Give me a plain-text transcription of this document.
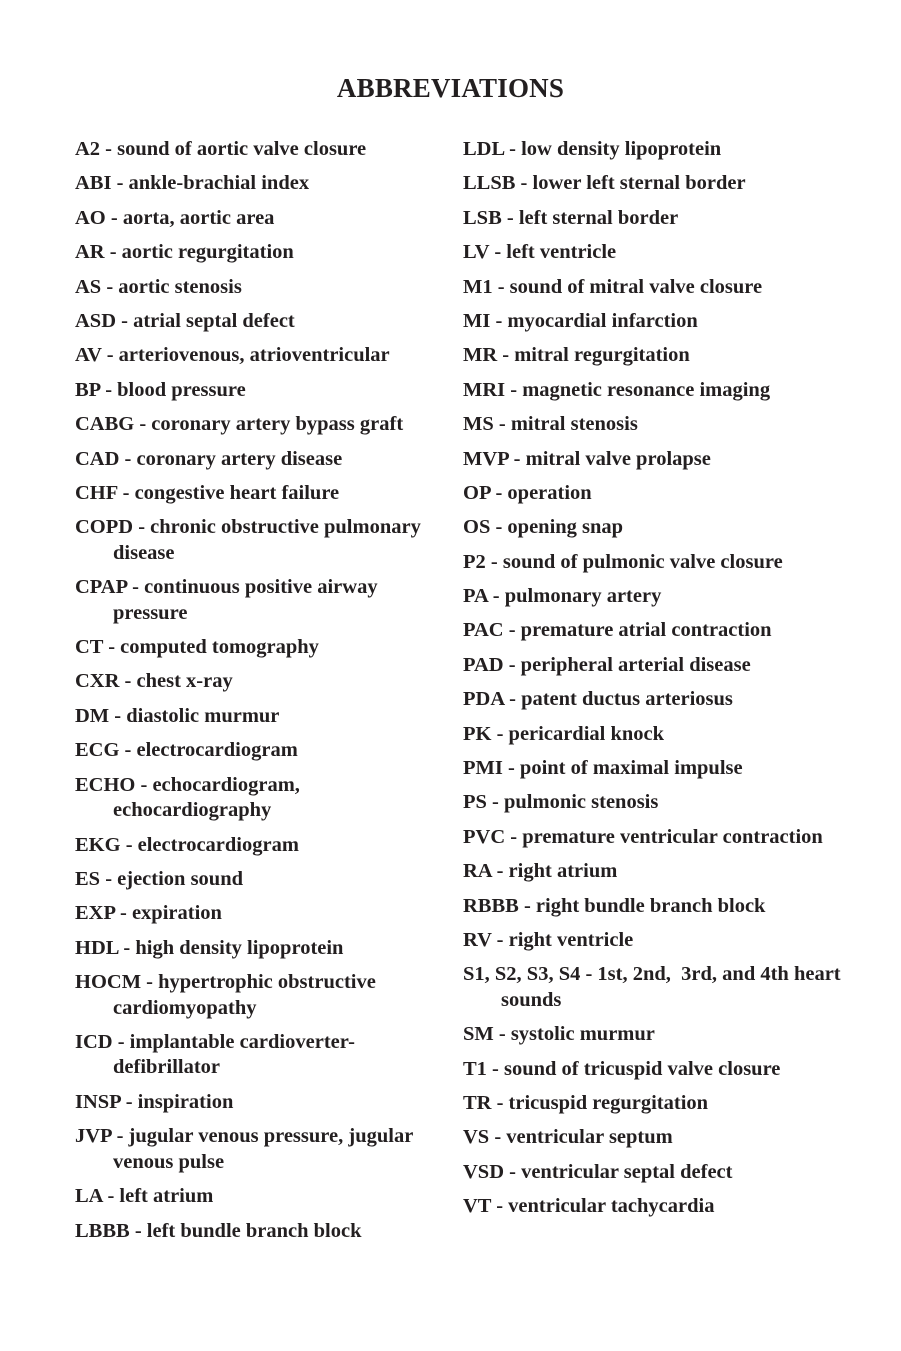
ABBREVIATIONS
A2 - sound of aortic valve closure
ABI - ankle-brachial index
AO - aorta, aortic area
AR - aortic regurgitation
AS - aortic stenosis
ASD - atrial septal defect
AV - arteriovenous, atrioventricular
BP - blood pressure
CABG - coronary artery bypass graft
CAD - coronary artery disease
CHF - congestive heart failure
COPD - chronic obstructive pulmonary disease
CPAP - continuous positive airway pressure
CT - computed tomography
CXR - chest x-ray
DM - diastolic murmur
ECG - electrocardiogram
ECHO - echocardiogram, echocardiography
EKG - electrocardiogram
ES - ejection sound
EXP - expiration
HDL - high density lipoprotein
HOCM - hypertrophic obstructive cardiomyopathy
ICD - implantable cardioverter-defibrillator
INSP - inspiration
JVP - jugular venous pressure, jugular venous pulse
LA - left atrium
LBBB - left bundle branch block
LDL - low density lipoprotein
LLSB - lower left sternal border
LSB - left sternal border
LV - left ventricle
M1 - sound of mitral valve closure
MI - myocardial infarction
MR - mitral regurgitation
MRI - magnetic resonance imaging
MS - mitral stenosis
MVP - mitral valve prolapse
OP - operation
OS - opening snap
P2 - sound of pulmonic valve closure
PA - pulmonary artery
PAC - premature atrial contraction
PAD - peripheral arterial disease
PDA - patent ductus arteriosus
PK - pericardial knock
PMI - point of maximal impulse
PS - pulmonic stenosis
PVC - premature ventricular contraction
RA - right atrium
RBBB - right bundle branch block
RV - right ventricle
S1, S2, S3, S4 - 1st, 2nd,  3rd, and 4th heart sounds
SM - systolic murmur
T1 - sound of tricuspid valve closure
TR - tricuspid regurgitation
VS - ventricular septum
VSD - ventricular septal defect
VT - ventricular tachycardia
